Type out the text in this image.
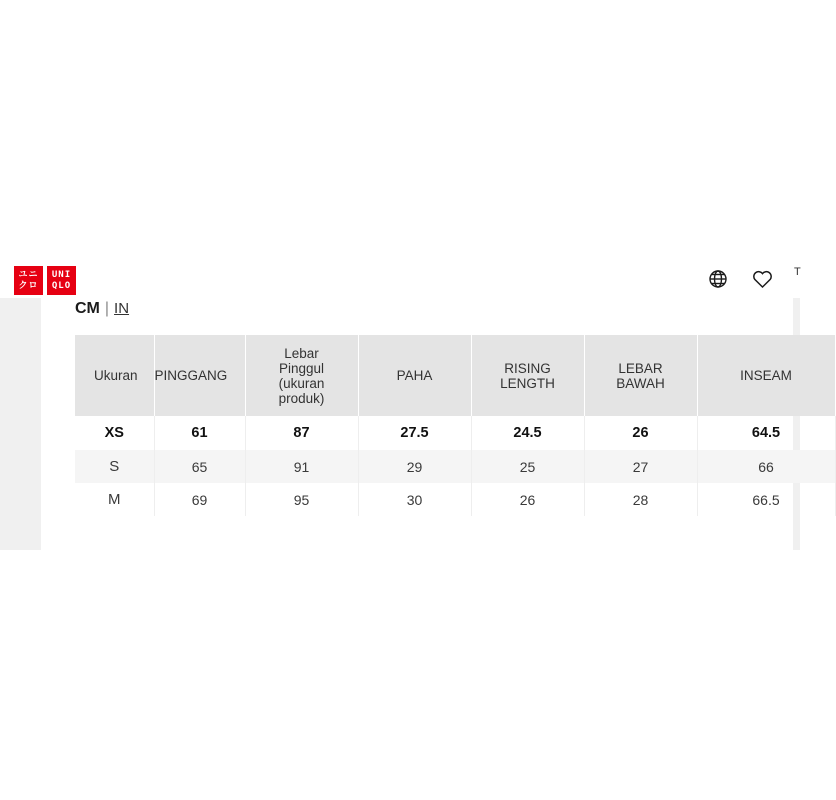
ユニ
クロ
UNI
QLO
T
CM | IN
Ukuran	PINGGANG	Lebar Pinggul (ukuran produk)	PAHA	RISING LENGTH	LEBAR BAWAH	INSEAM
XS	61	87	27.5	24.5	26	64.5
S	65	91	29	25	27	66
M	69	95	30	26	28	66.5
